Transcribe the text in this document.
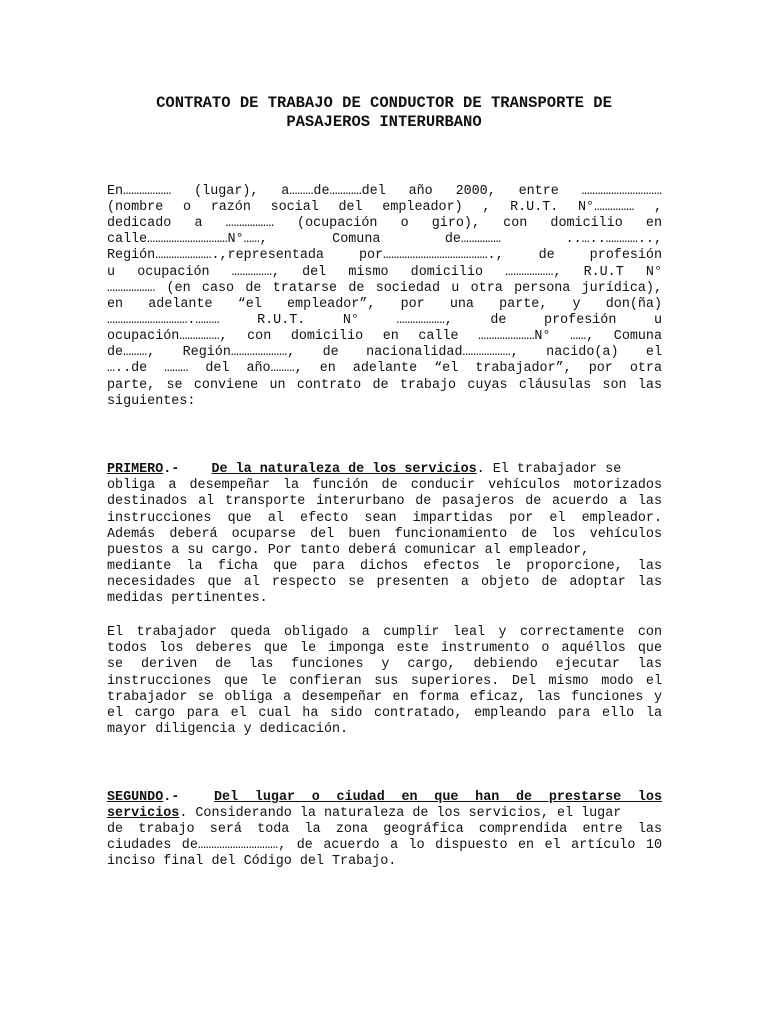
CONTRATO DE TRABAJO DE CONDUCTOR DE TRANSPORTE DE
PASAJEROS INTERURBANO
En……………… (lugar), a………de…………del año 2000, entre …………………………
(nombre o razón social del empleador) , R.U.T. N°…………… ,
dedicado a ……………… (ocupación o giro), con domicilio en
calle…………………………N°……, Comuna de…………… ..…..…………..,
Región………………….,representada por…………………………………., de profesión
u ocupación ……………, del mismo domicilio ………………, R.U.T N°
……………… (en caso de tratarse de sociedad u otra persona jurídica),
en adelante “el empleador”, por una parte, y don(ña)
………………………….……… R.U.T. N° ………………, de profesión u
ocupación……………, con domicilio en calle …………………N° ……, Comuna
de………, Región…………………, de nacionalidad………………, nacido(a) el
…..de ……… del año………, en adelante “el trabajador”, por otra
parte, se conviene un contrato de trabajo cuyas cláusulas son las
siguientes:
PRIMERO.- De la naturaleza de los servicios. El trabajador se
obliga a desempeñar la función de conducir vehículos motorizados
destinados al transporte interurbano de pasajeros de acuerdo a las
instrucciones que al efecto sean impartidas por el empleador.
Además deberá ocuparse del buen funcionamiento de los vehículos
puestos a su cargo. Por tanto deberá comunicar al empleador,
mediante la ficha que para dichos efectos le proporcione, las
necesidades que al respecto se presenten a objeto de adoptar las
medidas pertinentes.
El trabajador queda obligado a cumplir leal y correctamente con
todos los deberes que le imponga este instrumento o aquéllos que
se deriven de las funciones y cargo, debiendo ejecutar las
instrucciones que le confieran sus superiores. Del mismo modo el
trabajador se obliga a desempeñar en forma eficaz, las funciones y
el cargo para el cual ha sido contratado, empleando para ello la
mayor diligencia y dedicación.
SEGUNDO .-	Del lugar o ciudad en que han de prestarse los
servicios. Considerando la naturaleza de los servicios, el lugar
de trabajo será toda la zona geográfica comprendida entre las
ciudades de…………………………, de acuerdo a lo dispuesto en el artículo 10
inciso final del Código del Trabajo.
